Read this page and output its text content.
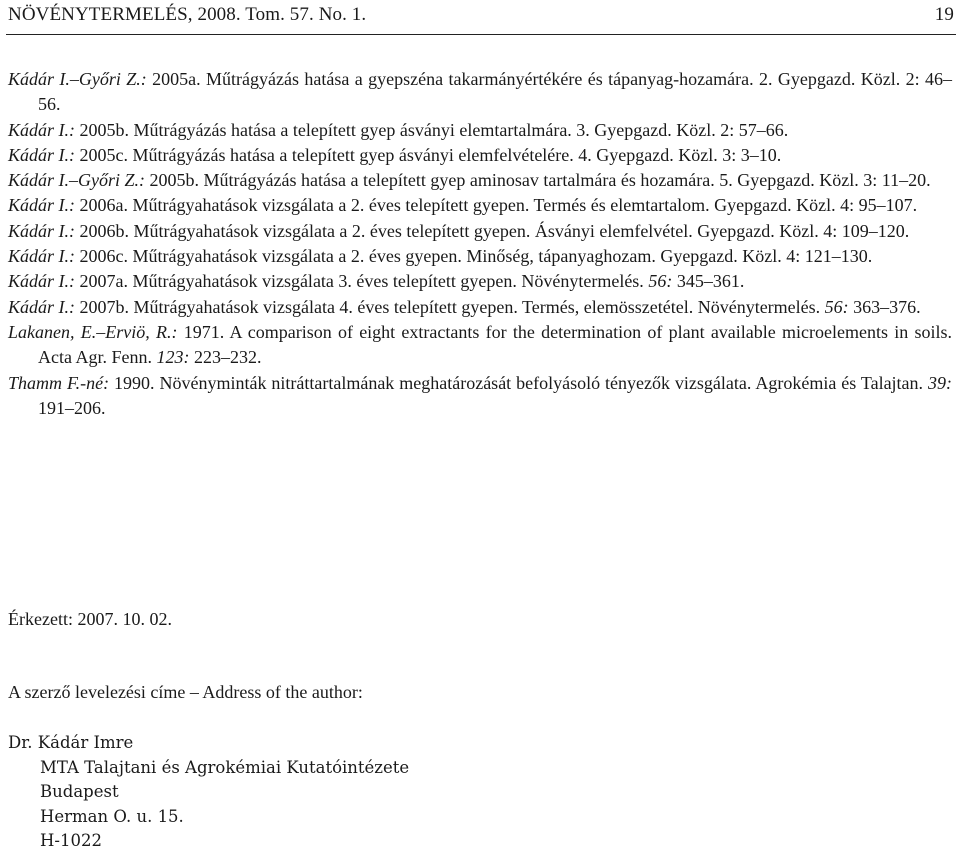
NÖVÉNYTERMELÉS, 2008. Tom. 57. No. 1.	19
Kádár I.–Győri Z.: 2005a. Műtrágyázás hatása a gyepszéna takarmányértékére és tápanyag-hozamára. 2. Gyepgazd. Közl. 2: 46–56.
Kádár I.: 2005b. Műtrágyázás hatása a telepített gyep ásványi elemtartalmára. 3. Gyepgazd. Közl. 2: 57–66.
Kádár I.: 2005c. Műtrágyázás hatása a telepített gyep ásványi elemfelvételére. 4. Gyepgazd. Közl. 3: 3–10.
Kádár I.–Győri Z.: 2005b. Műtrágyázás hatása a telepített gyep aminosav tartalmára és hozamára. 5. Gyepgazd. Közl. 3: 11–20.
Kádár I.: 2006a. Műtrágyahatások vizsgálata a 2. éves telepített gyepen. Termés és elemtartalom. Gyepgazd. Közl. 4: 95–107.
Kádár I.: 2006b. Műtrágyahatások vizsgálata a 2. éves telepített gyepen. Ásványi elemfelvétel. Gyepgazd. Közl. 4: 109–120.
Kádár I.: 2006c. Műtrágyahatások vizsgálata a 2. éves gyepen. Minőség, tápanyaghozam. Gyepgazd. Közl. 4: 121–130.
Kádár I.: 2007a. Műtrágyahatások vizsgálata 3. éves telepített gyepen. Növénytermelés. 56: 345–361.
Kádár I.: 2007b. Műtrágyahatások vizsgálata 4. éves telepített gyepen. Termés, elemösszetétel. Növénytermelés. 56: 363–376.
Lakanen, E.–Erviö, R.: 1971. A comparison of eight extractants for the determination of plant available microelements in soils. Acta Agr. Fenn. 123: 223–232.
Thamm F.-né: 1990. Növényminták nitráttartalmának meghatározását befolyásoló tényezők vizsgálata. Agrokémia és Talajtan. 39: 191–206.
Érkezett: 2007. 10. 02.
A szerző levelezési címe – Address of the author:
Dr. Kádár Imre
MTA Talajtani és Agrokémiai Kutatóintézete
Budapest
Herman O. u. 15.
H-1022
